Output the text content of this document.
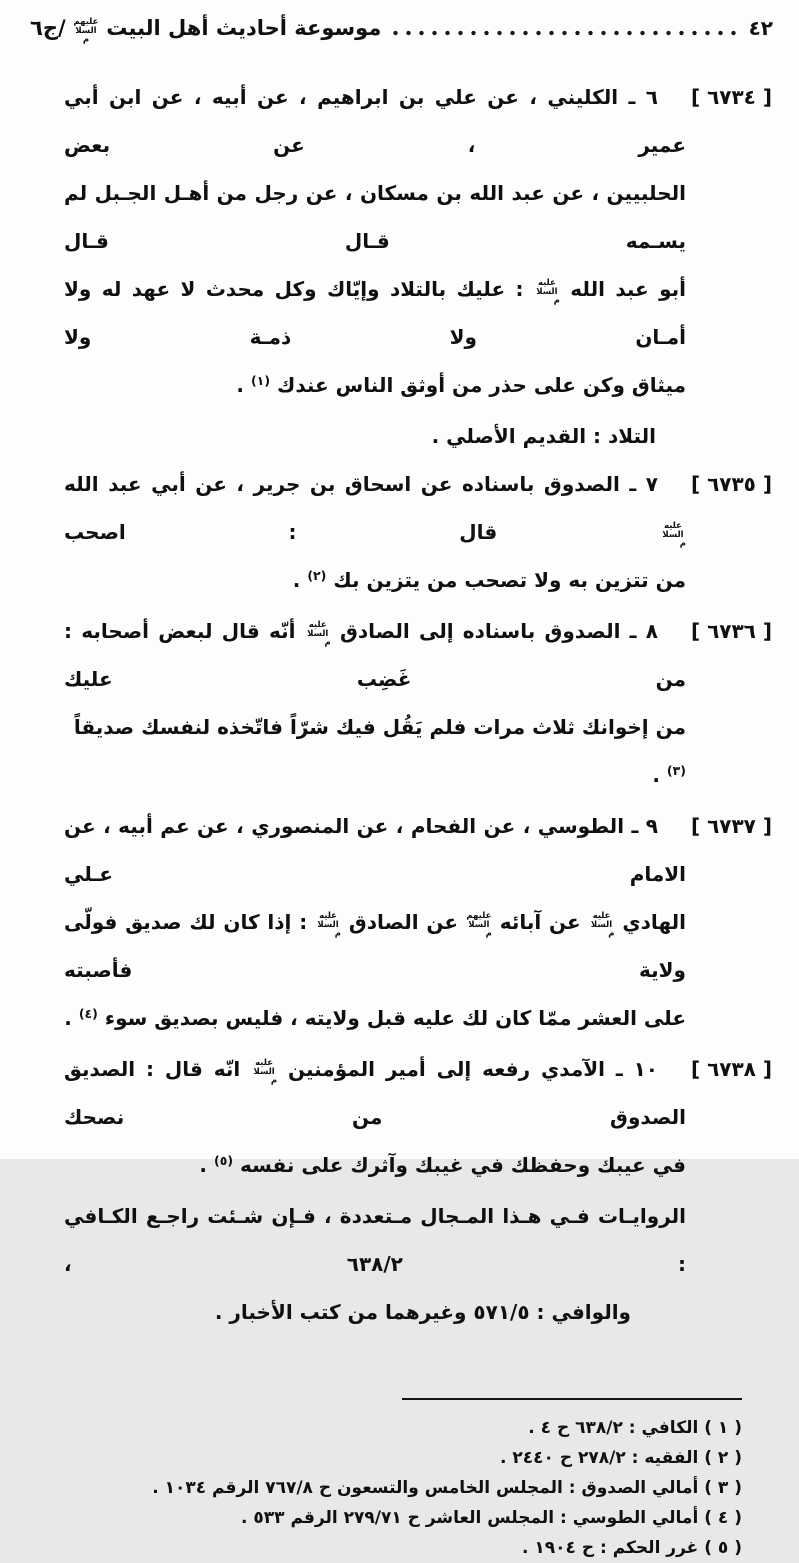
٤٢
موسوعة أحاديث أهل البيت عليهم السلام /ج٦
[ ٦٧٣٤ ]
٦ ـ الكليني ، عن علي بن ابراهيم ، عن أبيه ، عن ابن أبي عمير ، عن بعض
الحلبيين ، عن عبد الله بن مسكان ، عن رجل من أهـل الجـبل لم يسـمه قـال قـال
أبو عبد الله عليه السلام : عليك بالتلاد وإيّاك وكل محدث لا عهد له ولا أمـان ولا ذمـة ولا
ميثاق وكن على حذر من أوثق الناس عندك $^{(١)}$ .
التلاد : القديم الأصلي .
[ ٦٧٣٥ ]
٧ ـ الصدوق باسناده عن اسحاق بن جرير ، عن أبي عبد الله عليه السلام قال : اصحب
من تتزين به ولا تصحب من يتزين بك $^{(٢)}$ .
[ ٦٧٣٦ ]
٨ ـ الصدوق باسناده إلى الصادق عليه السلام أنّه قال لبعض أصحابه : من غَضِب عليك
من إخوانك ثلاث مرات فلم يَقُل فيك شرّاً فاتّخذه لنفسك صديقاً $^{(٣)}$ .
[ ٦٧٣٧ ]
٩ ـ الطوسي ، عن الفحام ، عن المنصوري ، عن عم أبيه ، عن الامام عـلي
الهادي عليه السلام عن آبائه عليهم السلام عن الصادق عليه السلام : إذا كان لك صديق فولّى ولاية فأصبته
على العشر ممّا كان لك عليه قبل ولايته ، فليس بصديق سوء $^{(٤)}$ .
[ ٦٧٣٨ ]
١٠ ـ الآمدي رفعه إلى أمير المؤمنين عليه السلام انّه قال : الصديق الصدوق من نصحك
في عيبك وحفظك في غيبك وآثرك على نفسه $^{(٥)}$ .
الروايـات فـي هـذا المـجال مـتعددة ، فـإن شـئت راجـع الكـافي : ٦٣٨/٢ ،
والوافي : ٥٧١/٥ وغيرهما من كتب الأخبار .
( ١ ) الكافي : ٦٣٨/٢ ح ٤ .
( ٢ ) الفقيه : ٢٧٨/٢ ح ٢٤٤٠ .
( ٣ ) أمالي الصدوق : المجلس الخامس والتسعون ح ٧٦٧/٨ الرقم ١٠٣٤ .
( ٤ ) أمالي الطوسي : المجلس العاشر ح ٢٧٩/٧١ الرقم ٥٣٣ .
( ٥ ) غرر الحكم : ح ١٩٠٤ .
